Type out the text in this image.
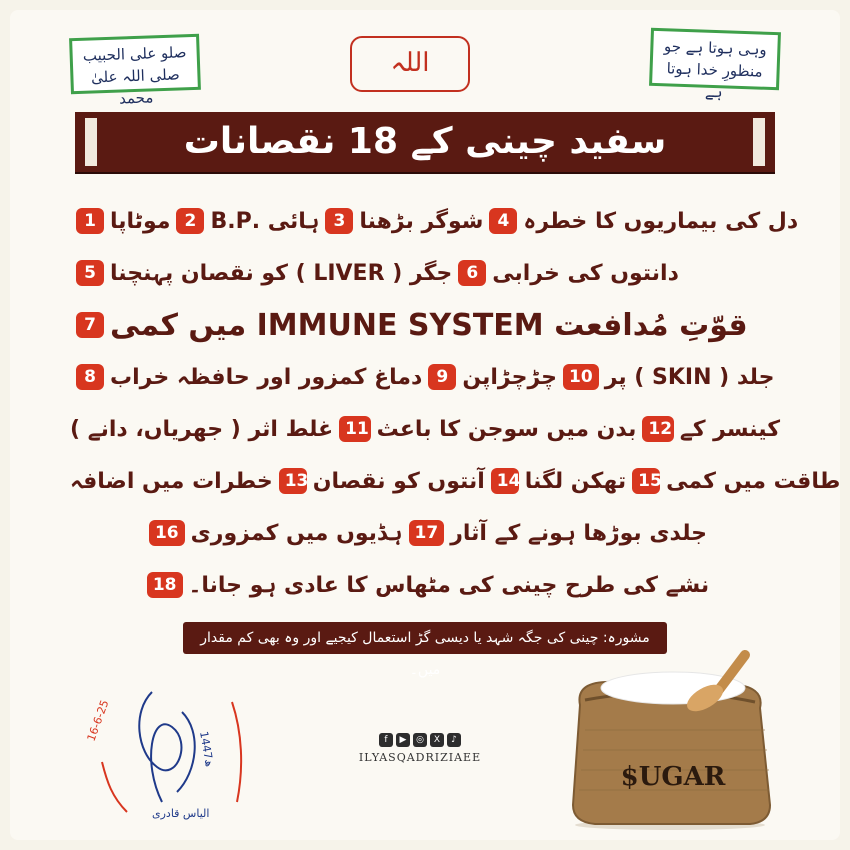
صلو علی الحبیب
صلی اللہ علیٰ محمد
اللہ	وہی ہوتا ہے جو
منظورِ خدا ہوتا ہے
سفید چینی کے 18 نقصانات
1 موٹاپا 2 ہائی .B.P 3 شوگر بڑھنا 4 دل کی بیماریوں کا خطرہ
5 جگر ( LIVER ) کو نقصان پہنچنا 6 دانتوں کی خرابی
7 قوّتِ مُدافعت IMMUNE SYSTEM میں کمی
8 دماغ کمزور اور حافظہ خراب 9 چڑچڑاپن 10 جلد ( SKIN ) پر
غلط اثر ( جھریاں، دانے ) 11 بدن میں سوجن کا باعث 12 کینسر کے
خطرات میں اضافہ 13 آنتوں کو نقصان 14 تھکن لگنا 15 طاقت میں کمی
16 ہڈیوں میں کمزوری 17 جلدی بوڑھا ہونے کے آثار
18 نشے کی طرح چینی کی مٹھاس کا عادی ہو جانا۔
مشورہ: چینی کی جگہ شہد یا دیسی گڑ استعمال کیجیے اور وہ بھی کم مقدار میں۔
16-6-25
1447ھ
الیاس قادری
f	▶	◎	X	♪
ILYASQADRIZIAEE
$UGAR
